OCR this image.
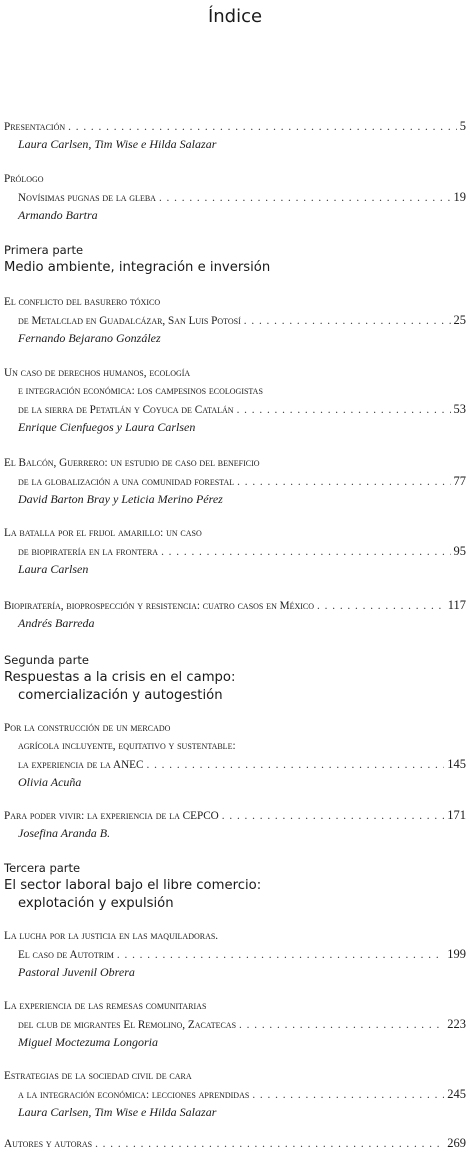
Índice
Presentación . . .	5
Laura Carlsen, Tim Wise e Hilda Salazar
Prólogo
Novísimas pugnas de la gleba . . .	19
Armando Bartra
Primera parte
Medio ambiente, integración e inversión
El conflicto del basurero tóxico
de Metalclad en Guadalcázar, San Luis Potosí . . .	25
Fernando Bejarano González
Un caso de derechos humanos, ecología
e integración económica: los campesinos ecologistas
de la sierra de Petatlán y Coyuca de Catalán . . .	53
Enrique Cienfuegos y Laura Carlsen
El Balcón, Guerrero: un estudio de caso del beneficio
de la globalización a una comunidad forestal . . .	77
David Barton Bray y Leticia Merino Pérez
La batalla por el frijol amarillo: un caso
de biopiratería en la frontera . . .	95
Laura Carlsen
Biopiratería, bioprospección y resistencia: cuatro casos en México . . .	117
Andrés Barreda
Segunda parte
Respuestas a la crisis en el campo:
comercialización y autogestión
Por la construcción de un mercado
agrícola incluyente, equitativo y sustentable:
la experiencia de la ANEC . . .	145
Olivia Acuña
Para poder vivir: la experiencia de la CEPCO . . .	171
Josefina Aranda B.
Tercera parte
El sector laboral bajo el libre comercio:
explotación y expulsión
La lucha por la justicia en las maquiladoras.
El caso de Autotrim . . .	199
Pastoral Juvenil Obrera
La experiencia de las remesas comunitarias
del club de migrantes El Remolino, Zacatecas . . .	223
Miguel Moctezuma Longoria
Estrategias de la sociedad civil de cara
a la integración económica: lecciones aprendidas . . .	245
Laura Carlsen, Tim Wise e Hilda Salazar
Autores y autoras . . .	269
